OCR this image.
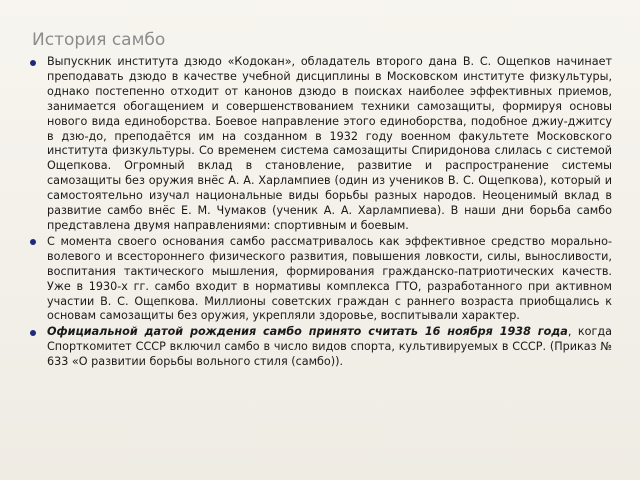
История самбо

Выпускник института дзюдо «Кодокан», обладатель второго дана В. С. Ощепков начинает преподавать дзюдо в качестве учебной дисциплины в Московском институте физкультуры, однако постепенно отходит от канонов дзюдо в поисках наиболее эффективных приемов, занимается обогащением и совершенствованием техники самозащиты, формируя основы нового вида единоборства. Боевое направление этого единоборства, подобное джиу-джитсу в дзю-до, преподаётся им на созданном в 1932 году военном факультете Московского института физкультуры. Со временем система самозащиты Спиридонова слилась с системой Ощепкова. Огромный вклад в становление, развитие и распространение системы самозащиты без оружия внёс А. А. Харлампиев (один из учеников В. С. Ощепкова), который и самостоятельно изучал национальные виды борьбы разных народов. Неоценимый вклад в развитие самбо внёс Е. М. Чумаков (ученик А. А. Харлампиева). В наши дни борьба самбо представлена двумя направлениями: спортивным и боевым.

С момента своего основания самбо рассматривалось как эффективное средство морально-волевого и всестороннего физического развития, повышения ловкости, силы, выносливости, воспитания тактического мышления, формирования гражданско-патриотических качеств. Уже в 1930-х гг. самбо входит в нормативы комплекса ГТО, разработанного при активном участии В. С. Ощепкова. Миллионы советских граждан с раннего возраста приобщались к основам самозащиты без оружия, укрепляли здоровье, воспитывали характер.

Официальной датой рождения самбо принято считать 16 ноября 1938 года, когда Спорткомитет СССР включил самбо в число видов спорта, культивируемых в СССР. (Приказ № 633 «О развитии борьбы вольного стиля (самбо)).
